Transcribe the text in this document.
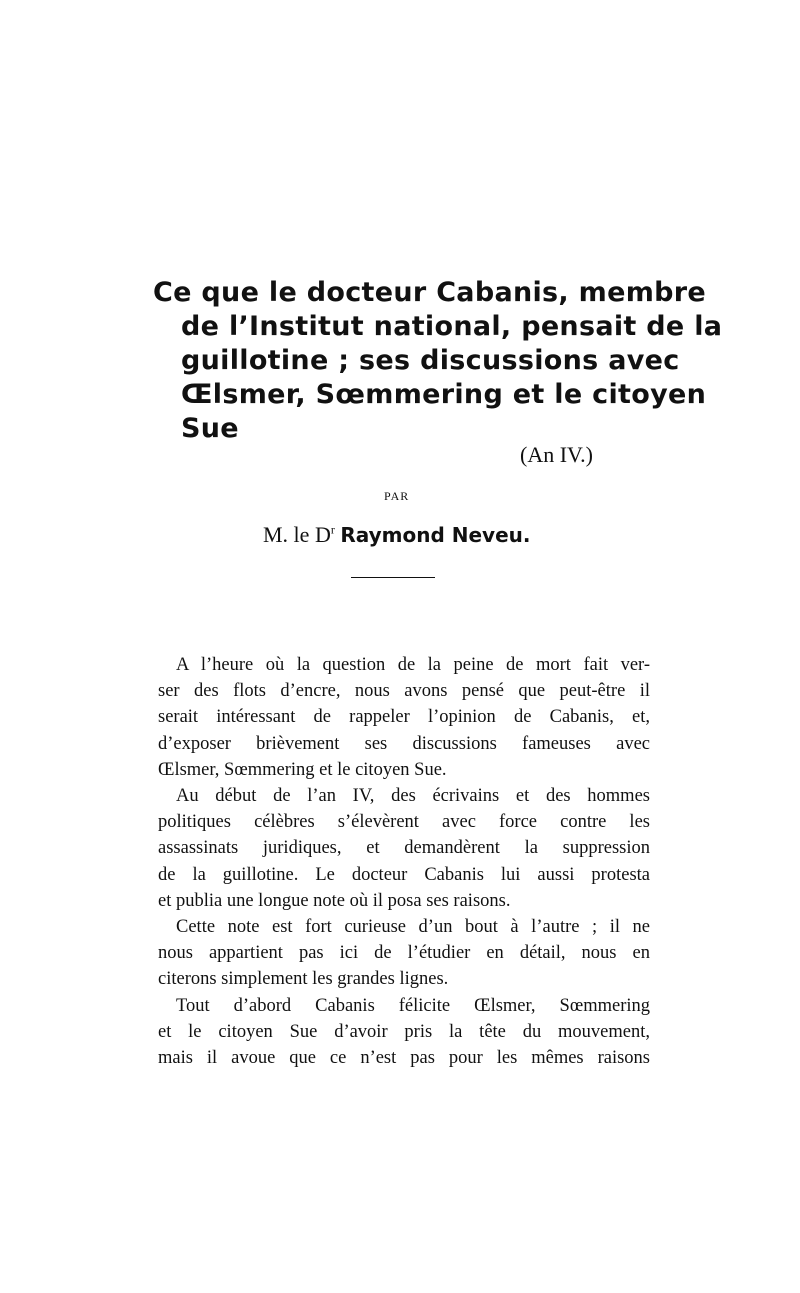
Ce que le docteur Cabanis, membre
de l’Institut national, pensait de la
guillotine ; ses discussions avec
Œlsmer, Sœmmering et le citoyen
Sue
(An IV.)
PAR
M. le $D^r$ Raymond Neveu.
A l’heure où la question de la peine de mort fait ver-
ser des flots d’encre, nous avons pensé que peut-être il
serait intéressant de rappeler l’opinion de Cabanis, et,
d’exposer brièvement ses discussions fameuses avec
Œlsmer, Sœmmering et le citoyen Sue.
Au début de l’an IV, des écrivains et des hommes
politiques célèbres s’élevèrent avec force contre les
assassinats juridiques, et demandèrent la suppression
de la guillotine. Le docteur Cabanis lui aussi protesta
et publia une longue note où il posa ses raisons.
Cette note est fort curieuse d’un bout à l’autre ; il ne
nous appartient pas ici de l’étudier en détail, nous en
citerons simplement les grandes lignes.
Tout d’abord Cabanis félicite Œlsmer, Sœmmering
et le citoyen Sue d’avoir pris la tête du mouvement,
mais il avoue que ce n’est pas pour les mêmes raisons
